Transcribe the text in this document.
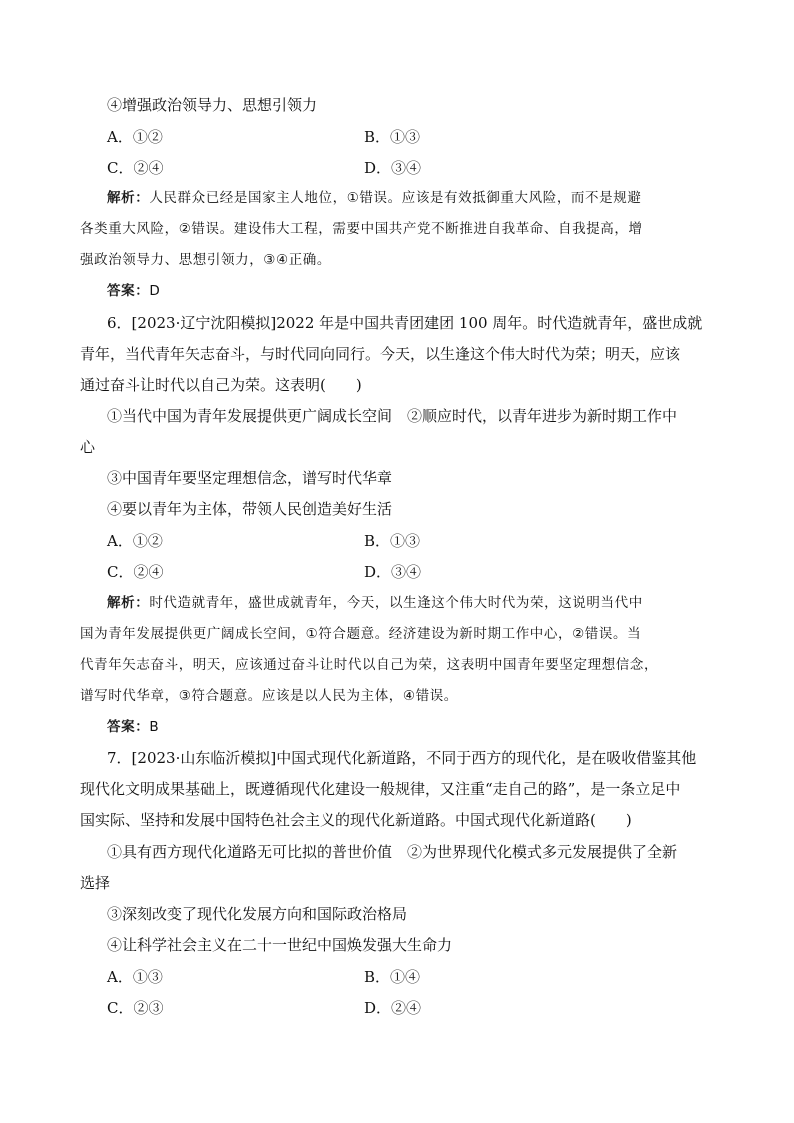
④增强政治领导力、思想引领力
A．①②	B．①③
C．②④	D．③④
解析：人民群众已经是国家主人地位，①错误。应该是有效抵御重大风险，而不是规避
各类重大风险，②错误。建设伟大工程，需要中国共产党不断推进自我革命、自我提高，增
强政治领导力、思想引领力，③④正确。
答案：D
6．[2023·辽宁沈阳模拟]2022 年是中国共青团建团 100 周年。时代造就青年，盛世成就
青年，当代青年矢志奋斗，与时代同向同行。今天，以生逢这个伟大时代为荣；明天，应该
通过奋斗让时代以自己为荣。这表明(　　)
①当代中国为青年发展提供更广阔成长空间　②顺应时代，以青年进步为新时期工作中
心
③中国青年要坚定理想信念，谱写时代华章
④要以青年为主体，带领人民创造美好生活
A．①②	B．①③
C．②④	D．③④
解析：时代造就青年，盛世成就青年，今天，以生逢这个伟大时代为荣，这说明当代中
国为青年发展提供更广阔成长空间，①符合题意。经济建设为新时期工作中心，②错误。当
代青年矢志奋斗，明天，应该通过奋斗让时代以自己为荣，这表明中国青年要坚定理想信念，
谱写时代华章，③符合题意。应该是以人民为主体，④错误。
答案：B
7．[2023·山东临沂模拟]中国式现代化新道路，不同于西方的现代化，是在吸收借鉴其他
现代化文明成果基础上，既遵循现代化建设一般规律，又注重“走自己的路”，是一条立足中
国实际、坚持和发展中国特色社会主义的现代化新道路。中国式现代化新道路(　　)
①具有西方现代化道路无可比拟的普世价值　②为世界现代化模式多元发展提供了全新
选择
③深刻改变了现代化发展方向和国际政治格局
④让科学社会主义在二十一世纪中国焕发强大生命力
A．①③	B．①④
C．②③	D．②④
